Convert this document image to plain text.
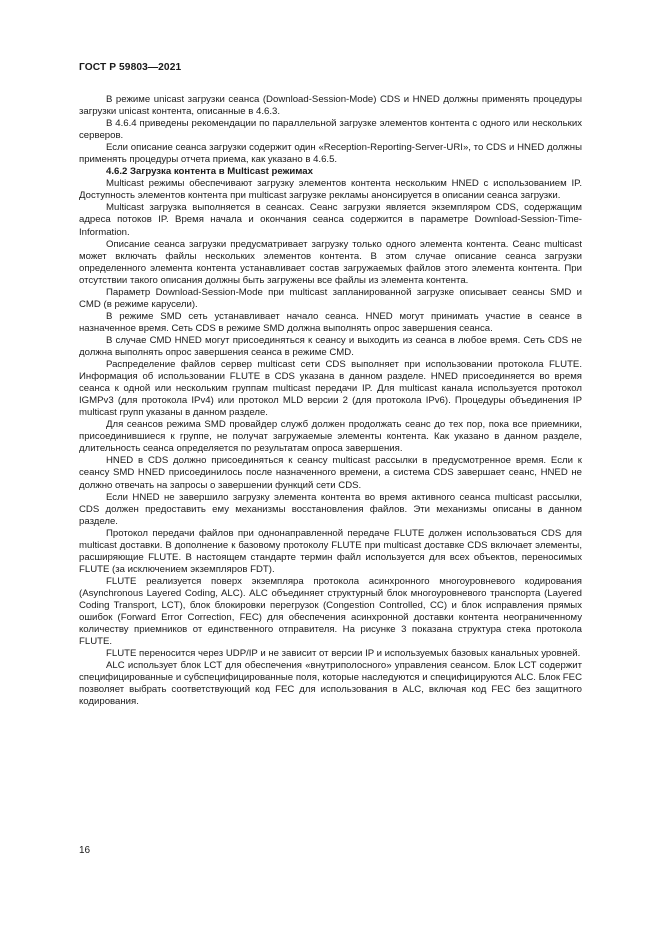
ГОСТ Р 59803—2021

В режиме unicast загрузки сеанса (Download-Session-Mode) CDS и HNED должны применять процедуры загрузки unicast контента, описанные в 4.6.3.

В 4.6.4 приведены рекомендации по параллельной загрузке элементов контента с одного или нескольких серверов.

Если описание сеанса загрузки содержит один «Reception-Reporting-Server-URI», то CDS и HNED должны применять процедуры отчета приема, как указано в 4.6.5.

4.6.2 Загрузка контента в Multicast режимах

Multicast режимы обеспечивают загрузку элементов контента нескольким HNED с использованием IP. Доступность элементов контента при multicast загрузке рекламы анонсируется в описании сеанса загрузки.

Multicast загрузка выполняется в сеансах. Сеанс загрузки является экземпляром CDS, содержащим адреса потоков IP. Время начала и окончания сеанса содержится в параметре Download-Session-Time-Information.

Описание сеанса загрузки предусматривает загрузку только одного элемента контента. Сеанс multicast может включать файлы нескольких элементов контента. В этом случае описание сеанса загрузки определенного элемента контента устанавливает состав загружаемых файлов этого элемента контента. При отсутствии такого описания должны быть загружены все файлы из элемента контента.

Параметр Download-Session-Mode при multicast запланированной загрузке описывает сеансы SMD и CMD (в режиме карусели).

В режиме SMD сеть устанавливает начало сеанса. HNED могут принимать участие в сеансе в назначенное время. Сеть CDS в режиме SMD должна выполнять опрос завершения сеанса.

В случае CMD HNED могут присоединяться к сеансу и выходить из сеанса в любое время. Сеть CDS не должна выполнять опрос завершения сеанса в режиме CMD.

Распределение файлов сервер multicast сети CDS выполняет при использовании протокола FLUTE. Информация об использовании FLUTE в CDS указана в данном разделе. HNED присоединяется во время сеанса к одной или нескольким группам multicast передачи IP. Для multicast канала используется протокол IGMPv3 (для протокола IPv4) или протокол MLD версии 2 (для протокола IPv6). Процедуры объединения IP multicast групп указаны в данном разделе.

Для сеансов режима SMD провайдер служб должен продолжать сеанс до тех пор, пока все приемники, присоединившиеся к группе, не получат загружаемые элементы контента. Как указано в данном разделе, длительность сеанса определяется по результатам опроса завершения.

HNED в CDS должно присоединяться к сеансу multicast рассылки в предусмотренное время. Если к сеансу SMD HNED присоединилось после назначенного времени, а система CDS завершает сеанс, HNED не должно отвечать на запросы о завершении функций сети CDS.

Если HNED не завершило загрузку элемента контента во время активного сеанса multicast рассылки, CDS должен предоставить ему механизмы восстановления файлов. Эти механизмы описаны в данном разделе.

Протокол передачи файлов при однонаправленной передаче FLUTE должен использоваться CDS для multicast доставки. В дополнение к базовому протоколу FLUTE при multicast доставке CDS включает элементы, расширяющие FLUTE. В настоящем стандарте термин файл используется для всех объектов, переносимых FLUTE (за исключением экземпляров FDT).

FLUTE реализуется поверх экземпляра протокола асинхронного многоуровневого кодирования (Asynchronous Layered Coding, ALC). ALC объединяет структурный блок многоуровневого транспорта (Layered Coding Transport, LCT), блок блокировки перегрузок (Congestion Controlled, CC) и блок исправления прямых ошибок (Forward Error Correction, FEC) для обеспечения асинхронной доставки контента неограниченному количеству приемников от единственного отправителя. На рисунке 3 показана структура стека протокола FLUTE.

FLUTE переносится через UDP/IP и не зависит от версии IP и используемых базовых канальных уровней.

ALC использует блок LCT для обеспечения «внутриполосного» управления сеансом. Блок LCT содержит специфицированные и субспецифицированные поля, которые наследуются и специфицируются ALC. Блок FEC позволяет выбрать соответствующий код FEC для использования в ALC, включая код FEC без защитного кодирования.

16
